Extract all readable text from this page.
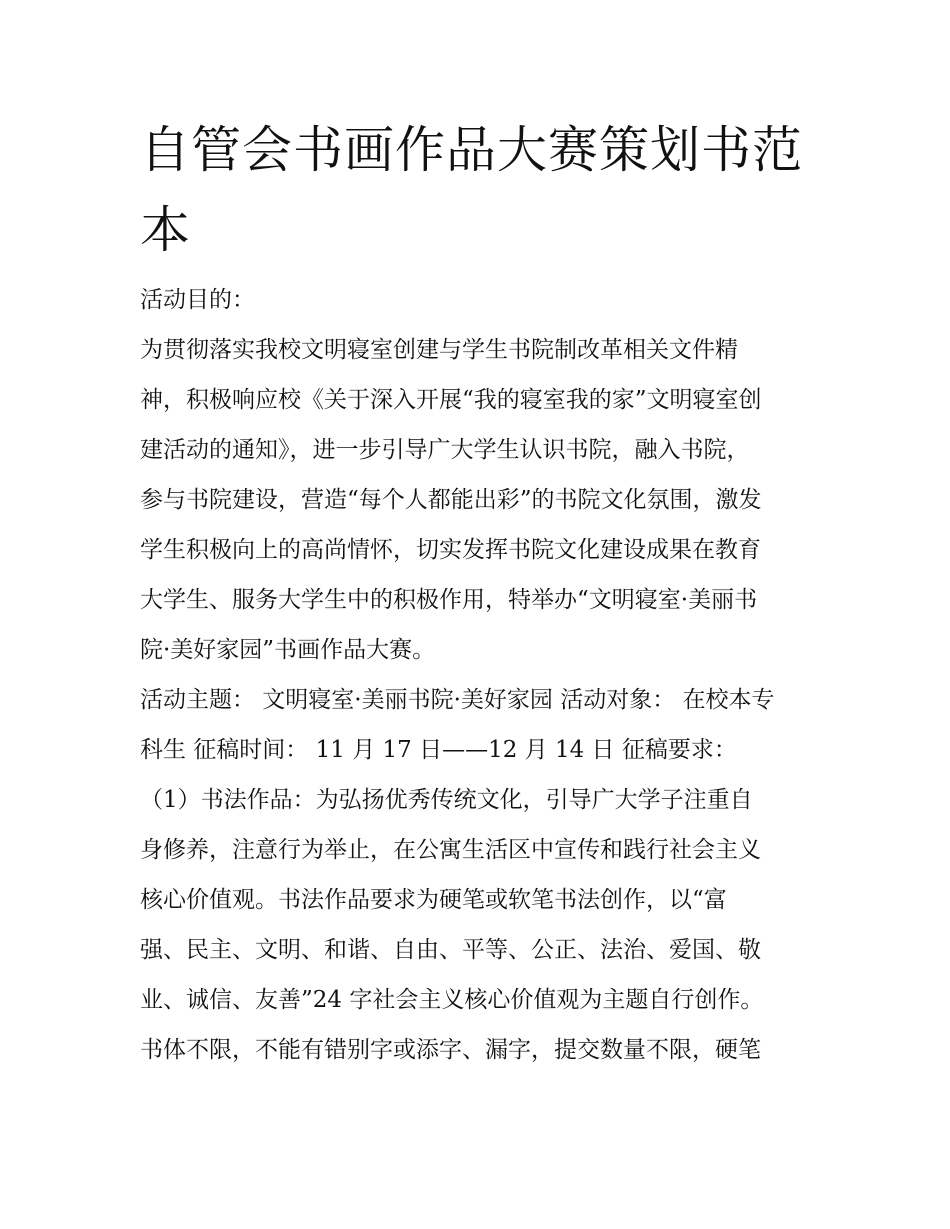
自管会书画作品大赛策划书范本
活动目的：
为贯彻落实我校文明寝室创建与学生书院制改革相关文件精
神，积极响应校《关于深入开展“我的寝室我的家”文明寝室创
建活动的通知》，进一步引导广大学生认识书院，融入书院，
参与书院建设，营造“每个人都能出彩”的书院文化氛围，激发
学生积极向上的高尚情怀，切实发挥书院文化建设成果在教育
大学生、服务大学生中的积极作用，特举办“文明寝室·美丽书
院·美好家园”书画作品大赛。
活动主题： 文明寝室·美丽书院·美好家园 活动对象： 在校本专
科生 征稿时间： 11 月 17 日——12 月 14 日 征稿要求：
（1）书法作品：为弘扬优秀传统文化，引导广大学子注重自
身修养，注意行为举止，在公寓生活区中宣传和践行社会主义
核心价值观。书法作品要求为硬笔或软笔书法创作，以“富
强、民主、文明、和谐、自由、平等、公正、法治、爱国、敬
业、诚信、友善”24 字社会主义核心价值观为主题自行创作。
书体不限，不能有错别字或添字、漏字，提交数量不限，硬笔
